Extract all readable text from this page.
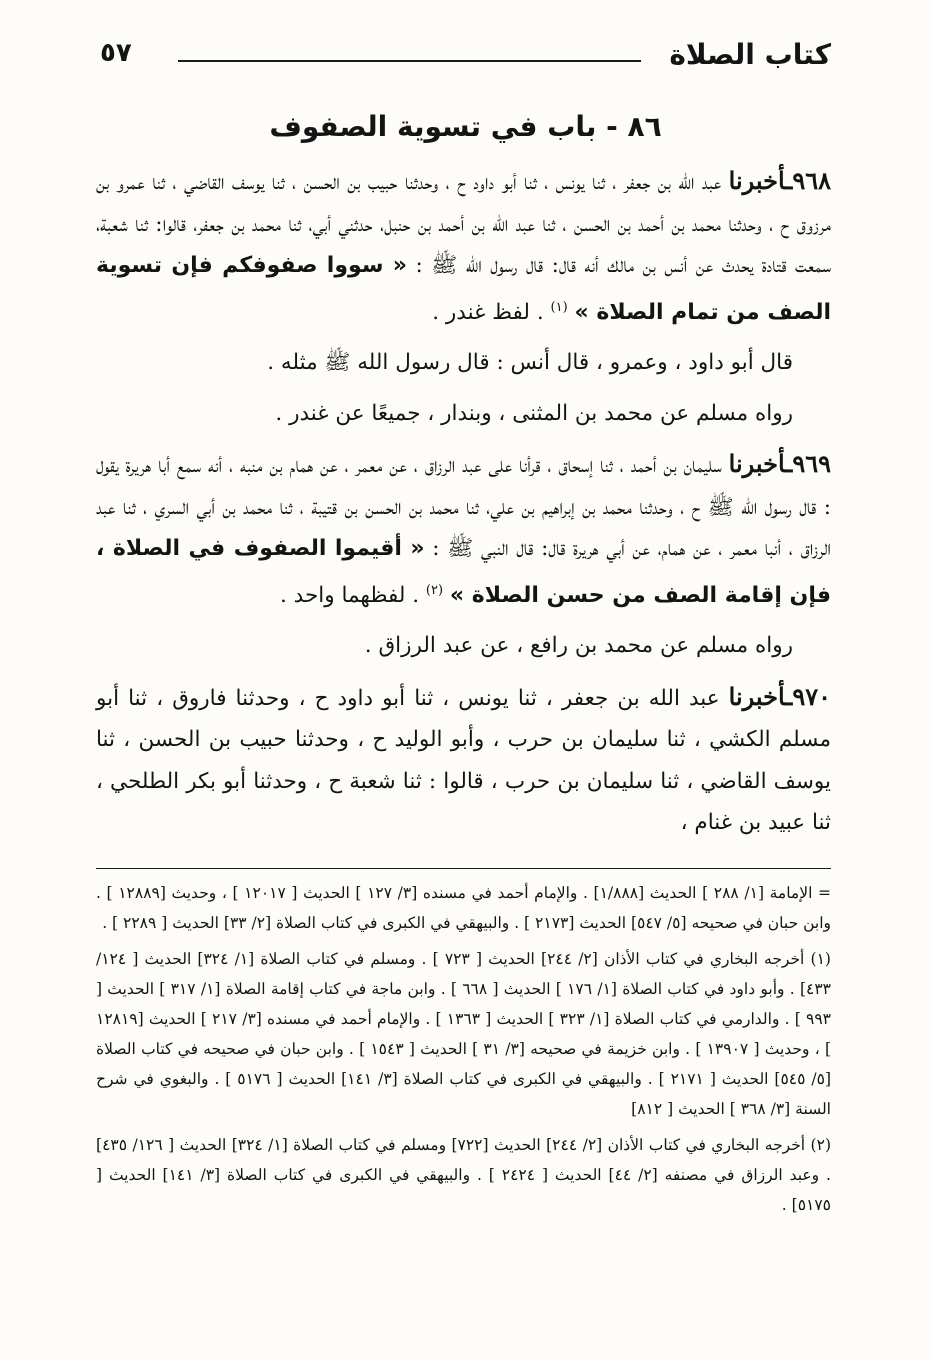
كتاب الصلاة
٥٧
٨٦ - باب في تسوية الصفوف

٩٦٨ـأخبرنا عبد الله بن جعفر ، ثنا يونس ، ثنا أبو داود ح ، وحدثنا حبيب بن الحسن ، ثنا يوسف القاضي ، ثنا عمرو بن مرزوق ح ، وحدثنا محمد بن أحمد بن الحسن ، ثنا عبد الله بن أحمد بن حنبل، حدثني أبي، ثنا محمد بن جعفر، قالوا: ثنا شعبة، سمعت قتادة يحدث عن أنس بن مالك أنه قال: قال رسول الله ﷺ : « سووا صفوفكم فإن تسوية الصف من تمام الصلاة » $^{(١)}$ . لفظ غندر .

قال أبو داود ، وعمرو ، قال أنس : قال رسول الله ﷺ مثله .

رواه مسلم عن محمد بن المثنى ، وبندار ، جميعًا عن غندر .

٩٦٩ـأخبرنا سليمان بن أحمد ، ثنا إسحاق ، قرأنا على عبد الرزاق ، عن معمر ، عن همام بن منبه ، أنه سمع أبا هريرة يقول : قال رسول الله ﷺ ح ، وحدثنا محمد بن إبراهيم بن علي، ثنا محمد بن الحسن بن قتيبة ، ثنا محمد بن أبي السري ، ثنا عبد الرزاق ، أنبا معمر ، عن همام، عن أبي هريرة قال: قال النبي ﷺ : « أقيموا الصفوف في الصلاة ، فإن إقامة الصف من حسن الصلاة » $^{(٢)}$ . لفظهما واحد .

رواه مسلم عن محمد بن رافع ، عن عبد الرزاق .

٩٧٠ـأخبرنا عبد الله بن جعفر ، ثنا يونس ، ثنا أبو داود ح ، وحدثنا فاروق ، ثنا أبو مسلم الكشي ، ثنا سليمان بن حرب ، وأبو الوليد ح ، وحدثنا حبيب بن الحسن ، ثنا يوسف القاضي ، ثنا سليمان بن حرب ، قالوا : ثنا شعبة ح ، وحدثنا أبو بكر الطلحي ، ثنا عبيد بن غنام ،

= الإمامة [١/ ٢٨٨ ] الحديث [١/٨٨٨] . والإمام أحمد في مسنده [٣/ ١٢٧ ] الحديث [ ١٢٠١٧ ] ، وحديث [١٢٨٨٩ ] . وابن حبان في صحيحه [٥/ ٥٤٧] الحديث [٢١٧٣ ] . والبيهقي في الكبرى في كتاب الصلاة [٢/ ٣٣] الحديث [ ٢٢٨٩ ] .

(١) أخرجه البخاري في كتاب الأذان [٢/ ٢٤٤] الحديث [ ٧٢٣ ] . ومسلم في كتاب الصلاة [١/ ٣٢٤] الحديث [ ١٢٤/ ٤٣٣] . وأبو داود في كتاب الصلاة [١/ ١٧٦ ] الحديث [ ٦٦٨ ] . وابن ماجة في كتاب إقامة الصلاة [١/ ٣١٧ ] الحديث [ ٩٩٣ ] . والدارمي في كتاب الصلاة [١/ ٣٢٣ ] الحديث [ ١٣٦٣ ] . والإمام أحمد في مسنده [٣/ ٢١٧ ] الحديث [١٢٨١٩ ] ، وحديث [ ١٣٩٠٧ ] . وابن خزيمة في صحيحه [٣/ ٣١ ] الحديث [ ١٥٤٣ ] . وابن حبان في صحيحه في كتاب الصلاة [٥/ ٥٤٥] الحديث [ ٢١٧١ ] . والبيهقي في الكبرى في كتاب الصلاة [٣/ ١٤١] الحديث [ ٥١٧٦ ] . والبغوي في شرح السنة [٣/ ٣٦٨ ] الحديث [ ٨١٢]

(٢) أخرجه البخاري في كتاب الأذان [٢/ ٢٤٤] الحديث [٧٢٢] ومسلم في كتاب الصلاة [١/ ٣٢٤] الحديث [ ١٢٦/ ٤٣٥] . وعبد الرزاق في مصنفه [٢/ ٤٤] الحديث [ ٢٤٢٤ ] . والبيهقي في الكبرى في كتاب الصلاة [٣/ ١٤١] الحديث [ ٥١٧٥] .
